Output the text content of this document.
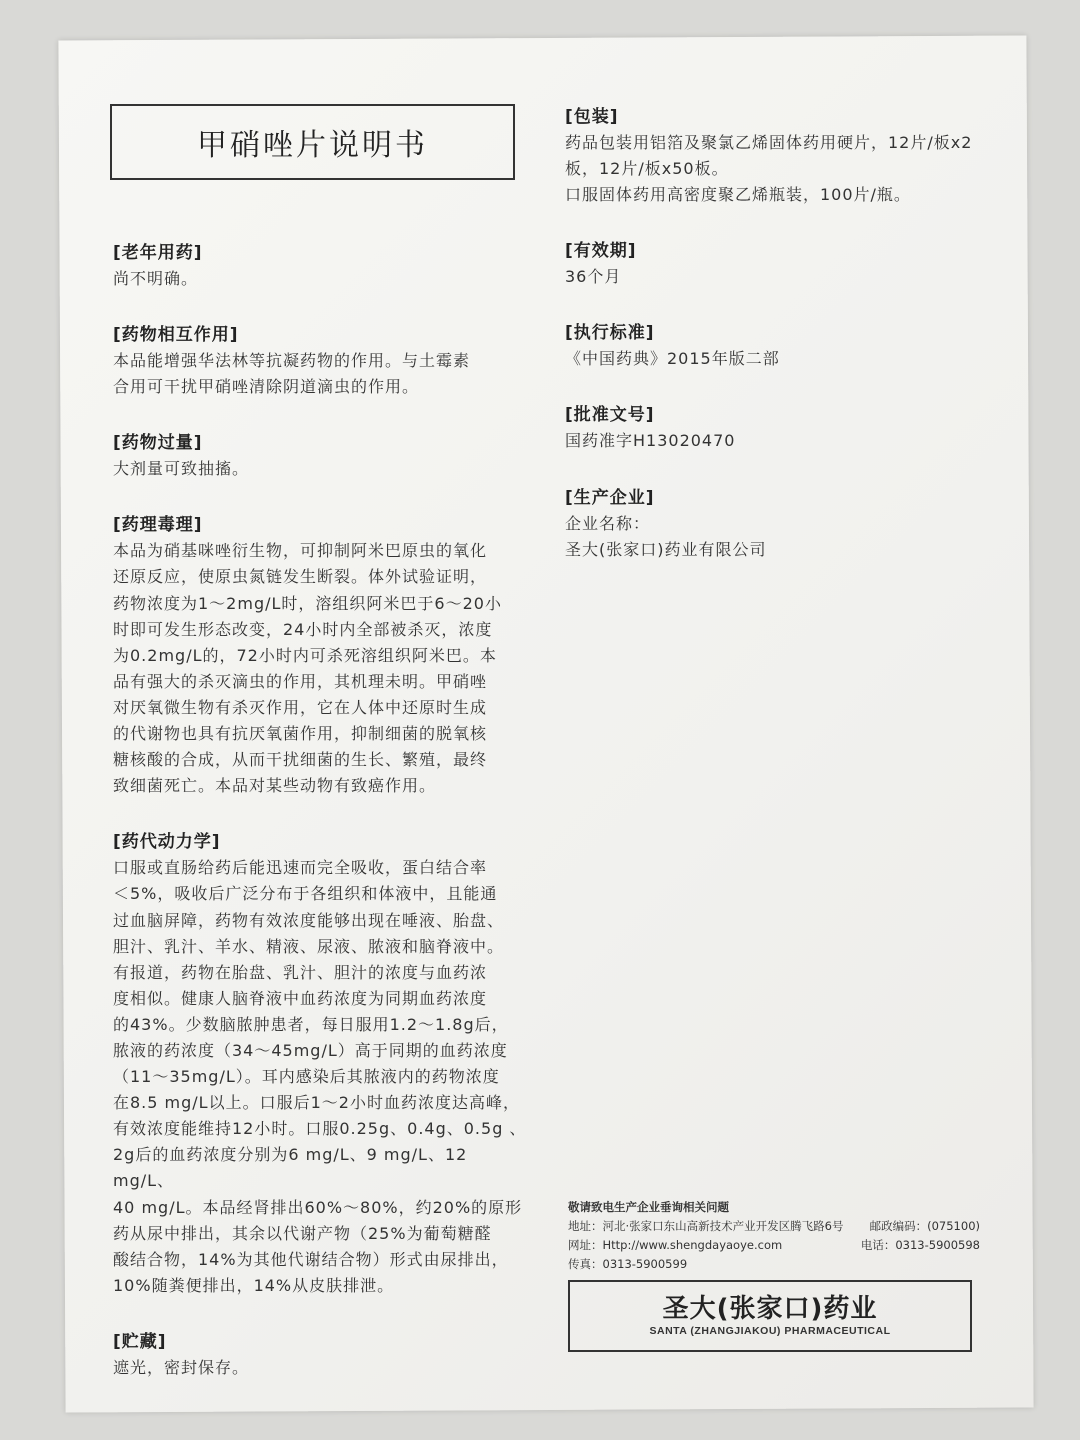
甲硝唑片说明书
[老年用药]
尚不明确。
[药物相互作用]
本品能增强华法林等抗凝药物的作用。与土霉素
合用可干扰甲硝唑清除阴道滴虫的作用。
[药物过量]
大剂量可致抽搐。
[药理毒理]
本品为硝基咪唑衍生物，可抑制阿米巴原虫的氧化
还原反应，使原虫氮链发生断裂。体外试验证明，
药物浓度为1～2mg/L时，溶组织阿米巴于6～20小
时即可发生形态改变，24小时内全部被杀灭，浓度
为0.2mg/L的，72小时内可杀死溶组织阿米巴。本
品有强大的杀灭滴虫的作用，其机理未明。甲硝唑
对厌氧微生物有杀灭作用，它在人体中还原时生成
的代谢物也具有抗厌氧菌作用，抑制细菌的脱氧核
糖核酸的合成，从而干扰细菌的生长、繁殖，最终
致细菌死亡。本品对某些动物有致癌作用。
[药代动力学]
口服或直肠给药后能迅速而完全吸收，蛋白结合率
＜5%，吸收后广泛分布于各组织和体液中，且能通
过血脑屏障，药物有效浓度能够出现在唾液、胎盘、
胆汁、乳汁、羊水、精液、尿液、脓液和脑脊液中。
有报道，药物在胎盘、乳汁、胆汁的浓度与血药浓
度相似。健康人脑脊液中血药浓度为同期血药浓度
的43%。少数脑脓肿患者，每日服用1.2～1.8g后，
脓液的药浓度（34～45mg/L）高于同期的血药浓度
（11～35mg/L）。耳内感染后其脓液内的药物浓度
在8.5 mg/L以上。口服后1～2小时血药浓度达高峰，
有效浓度能维持12小时。口服0.25g、0.4g、0.5g 、
2g后的血药浓度分别为6 mg/L、9 mg/L、12 mg/L、
40 mg/L。本品经肾排出60%～80%，约20%的原形
药从尿中排出，其余以代谢产物（25%为葡萄糖醛
酸结合物，14%为其他代谢结合物）形式由尿排出，
10%随粪便排出，14%从皮肤排泄。
[贮藏]
遮光，密封保存。
[包装]
药品包装用铝箔及聚氯乙烯固体药用硬片，12片/板x2
板，12片/板x50板。
口服固体药用高密度聚乙烯瓶装，100片/瓶。
[有效期]
36个月
[执行标准]
《中国药典》2015年版二部
[批准文号]
国药准字H13020470
[生产企业]
企业名称：
圣大(张家口)药业有限公司
敬请致电生产企业垂询相关问题
地址：河北·张家口东山高新技术产业开发区腾飞路6号 邮政编码：(075100)
网址：Http://www.shengdayaoye.com	电话：0313-5900598
传真：0313-5900599
圣大(张家口)药业
SANTA (ZHANGJIAKOU) PHARMACEUTICAL
